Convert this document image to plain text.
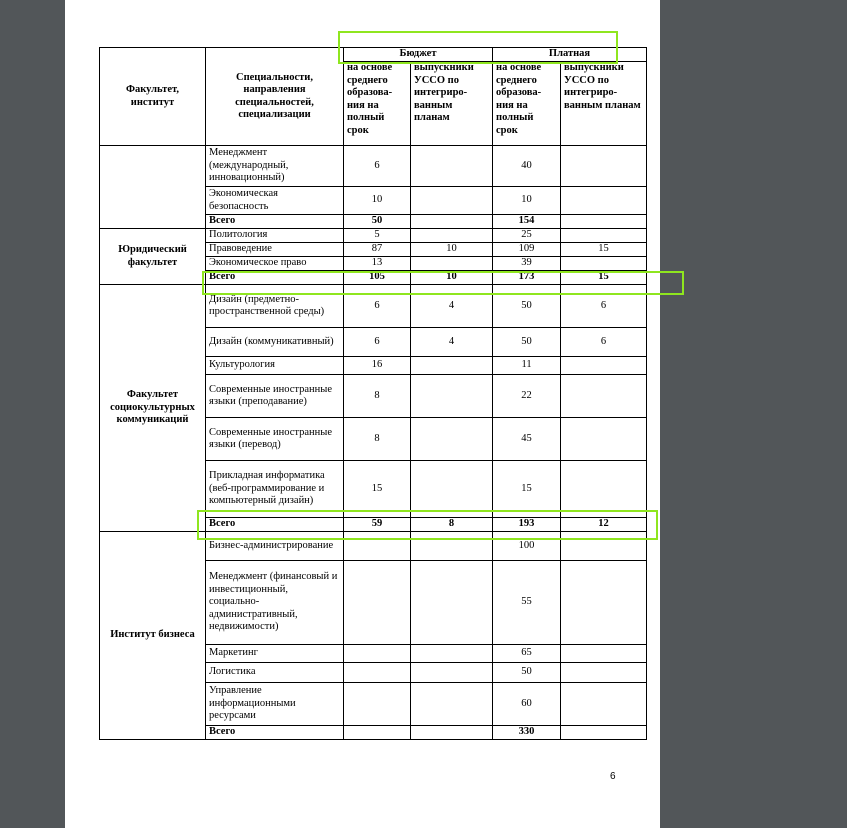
Факультет, институт	Специальности, направления специальностей, специализации	Бюджет		Платная	
		на основе среднего образова-ния на полный срок	выпускники УССО по интегриро-ванным планам	на основе среднего образова-ния на полный срок	выпускники УССО по интегриро-ванным планам
	Менеджмент (международный, инновационный)	6		40	
	Экономическая безопасность	10		10	
	Всего	50		154	
Юридический факультет	Политология	5		25	
	Правоведение	87	10	109	15
	Экономическое право	13		39	
	Всего	105	10	173	15
Факультет социокультурных коммуникаций	Дизайн (предметно-пространственной среды)	6	4	50	6
	Дизайн (коммуникативный)	6	4	50	6
	Культурология	16		11	
	Современные иностранные языки (преподавание)	8		22	
	Современные иностранные языки (перевод)	8		45	
	Прикладная информатика (веб-программирование и компьютерный дизайн)	15		15	
	Всего	59	8	193	12
Институт бизнеса	Бизнес-администрирование			100	
	Менеджмент (финансовый и инвестиционный, социально-административный, недвижимости)			55	
	Маркетинг			65	
	Логистика			50	
	Управление информационными ресурсами			60	
	Всего			330	
6
